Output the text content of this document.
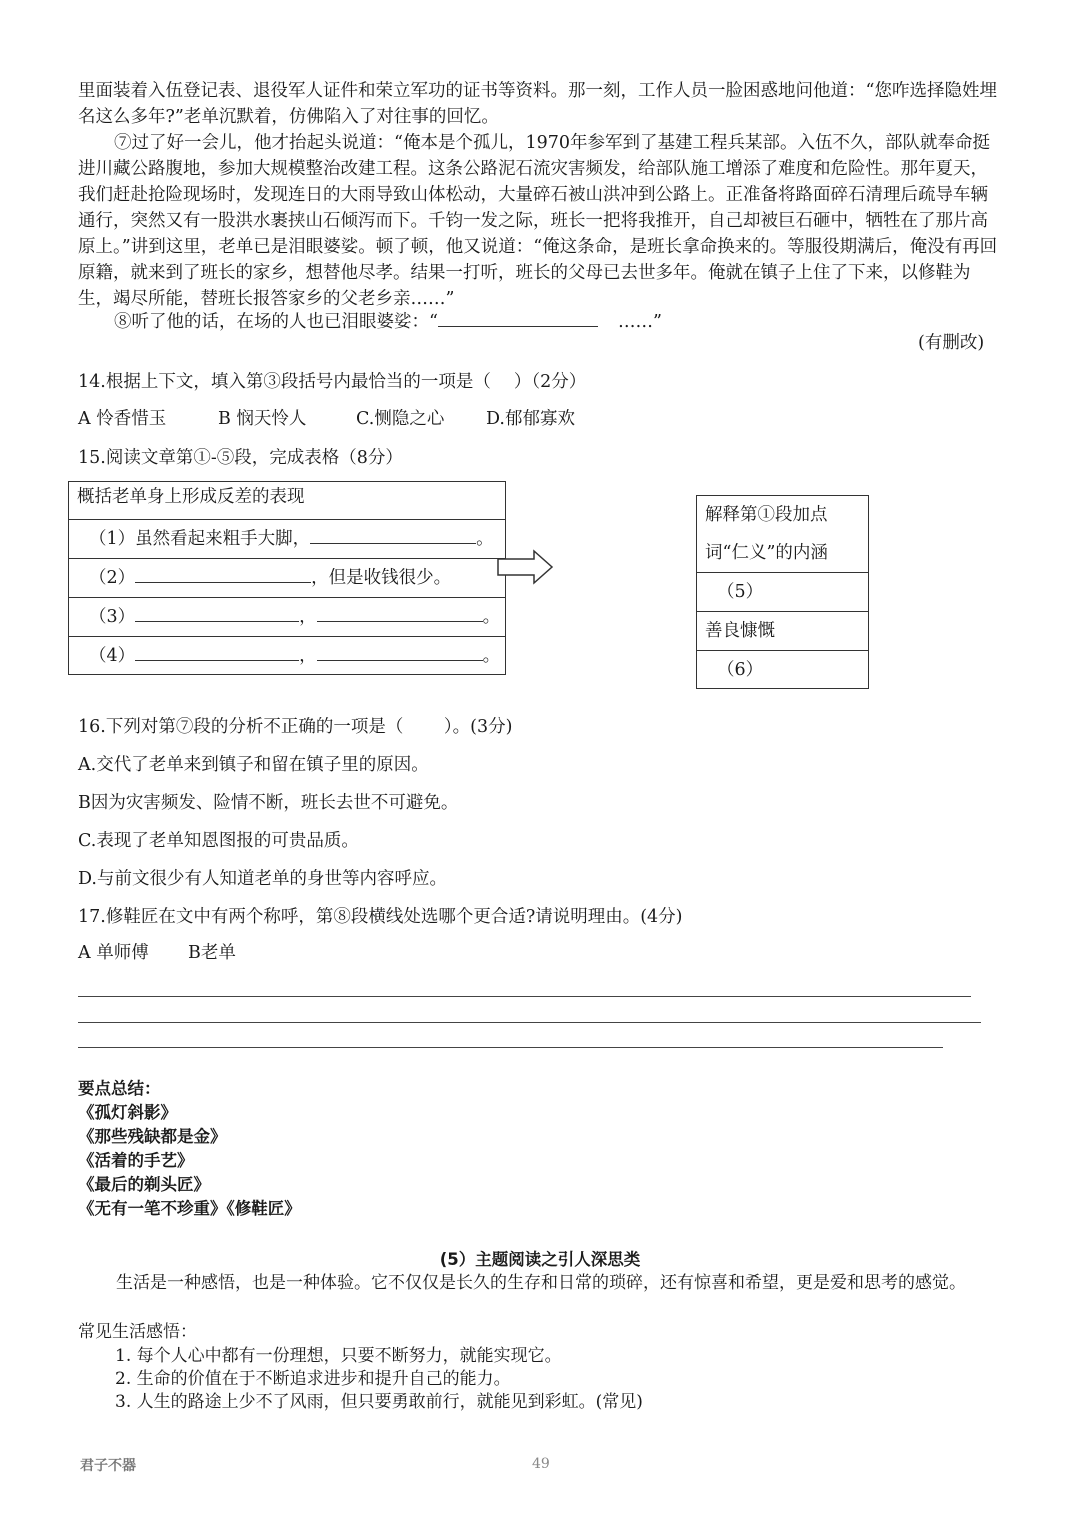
里面装着入伍登记表、退役军人证件和荣立军功的证书等资料。那一刻，工作人员一脸困惑地问他道：“您咋选择隐姓埋名这么多年?”老单沉默着，仿佛陷入了对往事的回忆。

⑦过了好一会儿，他才抬起头说道：“俺本是个孤儿，1970年参军到了基建工程兵某部。入伍不久，部队就奉命挺进川藏公路腹地，参加大规模整治改建工程。这条公路泥石流灾害频发，给部队施工增添了难度和危险性。那年夏天，我们赶赴抢险现场时，发现连日的大雨导致山体松动，大量碎石被山洪冲到公路上。正准备将路面碎石清理后疏导车辆通行，突然又有一股洪水裹挟山石倾泻而下。千钧一发之际，班长一把将我推开，自己却被巨石砸中，牺牲在了那片高原上。”讲到这里，老单已是泪眼婆娑。顿了顿，他又说道：“俺这条命，是班长拿命换来的。等服役期满后，俺没有再回原籍，就来到了班长的家乡，想替他尽孝。结果一打听，班长的父母已去世多年。俺就在镇子上住了下来，以修鞋为生，竭尽所能，替班长报答家乡的父老乡亲……”

⑧听了他的话，在场的人也已泪眼婆娑：“	……”

(有删改)

14.根据上下文，填入第③段括号内最恰当的一项是（　 ）（2分）

A 怜香惜玉	B 悯天怜人	C.恻隐之心 D.郁郁寡欢

15.阅读文章第①-⑤段，完成表格（8分）

概括老单身上形成反差的表现
（1）虽然看起来粗手大脚，	。
（2）	，但是收钱很少。
（3）	，	。
（4）	，	。
解释第①段加点
词“仁义”的内涵
（5）
善良慷慨
（6）

16.下列对第⑦段的分析不正确的一项是（　　 ）。(3分)

A.交代了老单来到镇子和留在镇子里的原因。

B因为灾害频发、险情不断，班长去世不可避免。

C.表现了老单知恩图报的可贵品质。

D.与前文很少有人知道老单的身世等内容呼应。

17.修鞋匠在文中有两个称呼，第⑧段横线处选哪个更合适?请说明理由。(4分)

A 单师傅 B老单
要点总结：
《孤灯斜影》
《那些残缺都是金》
《活着的手艺》
《最后的剃头匠》
《无有一笔不珍重》《修鞋匠》
(5）主题阅读之引人深思类

生活是一种感悟，也是一种体验。它不仅仅是长久的生存和日常的琐碎，还有惊喜和希望，更是爱和思考的感觉。

常见生活感悟：

1. 每个人心中都有一份理想，只要不断努力，就能实现它。
2. 生命的价值在于不断追求进步和提升自己的能力。
3. 人生的路途上少不了风雨，但只要勇敢前行，就能见到彩虹。(常见)
君子不器	49
